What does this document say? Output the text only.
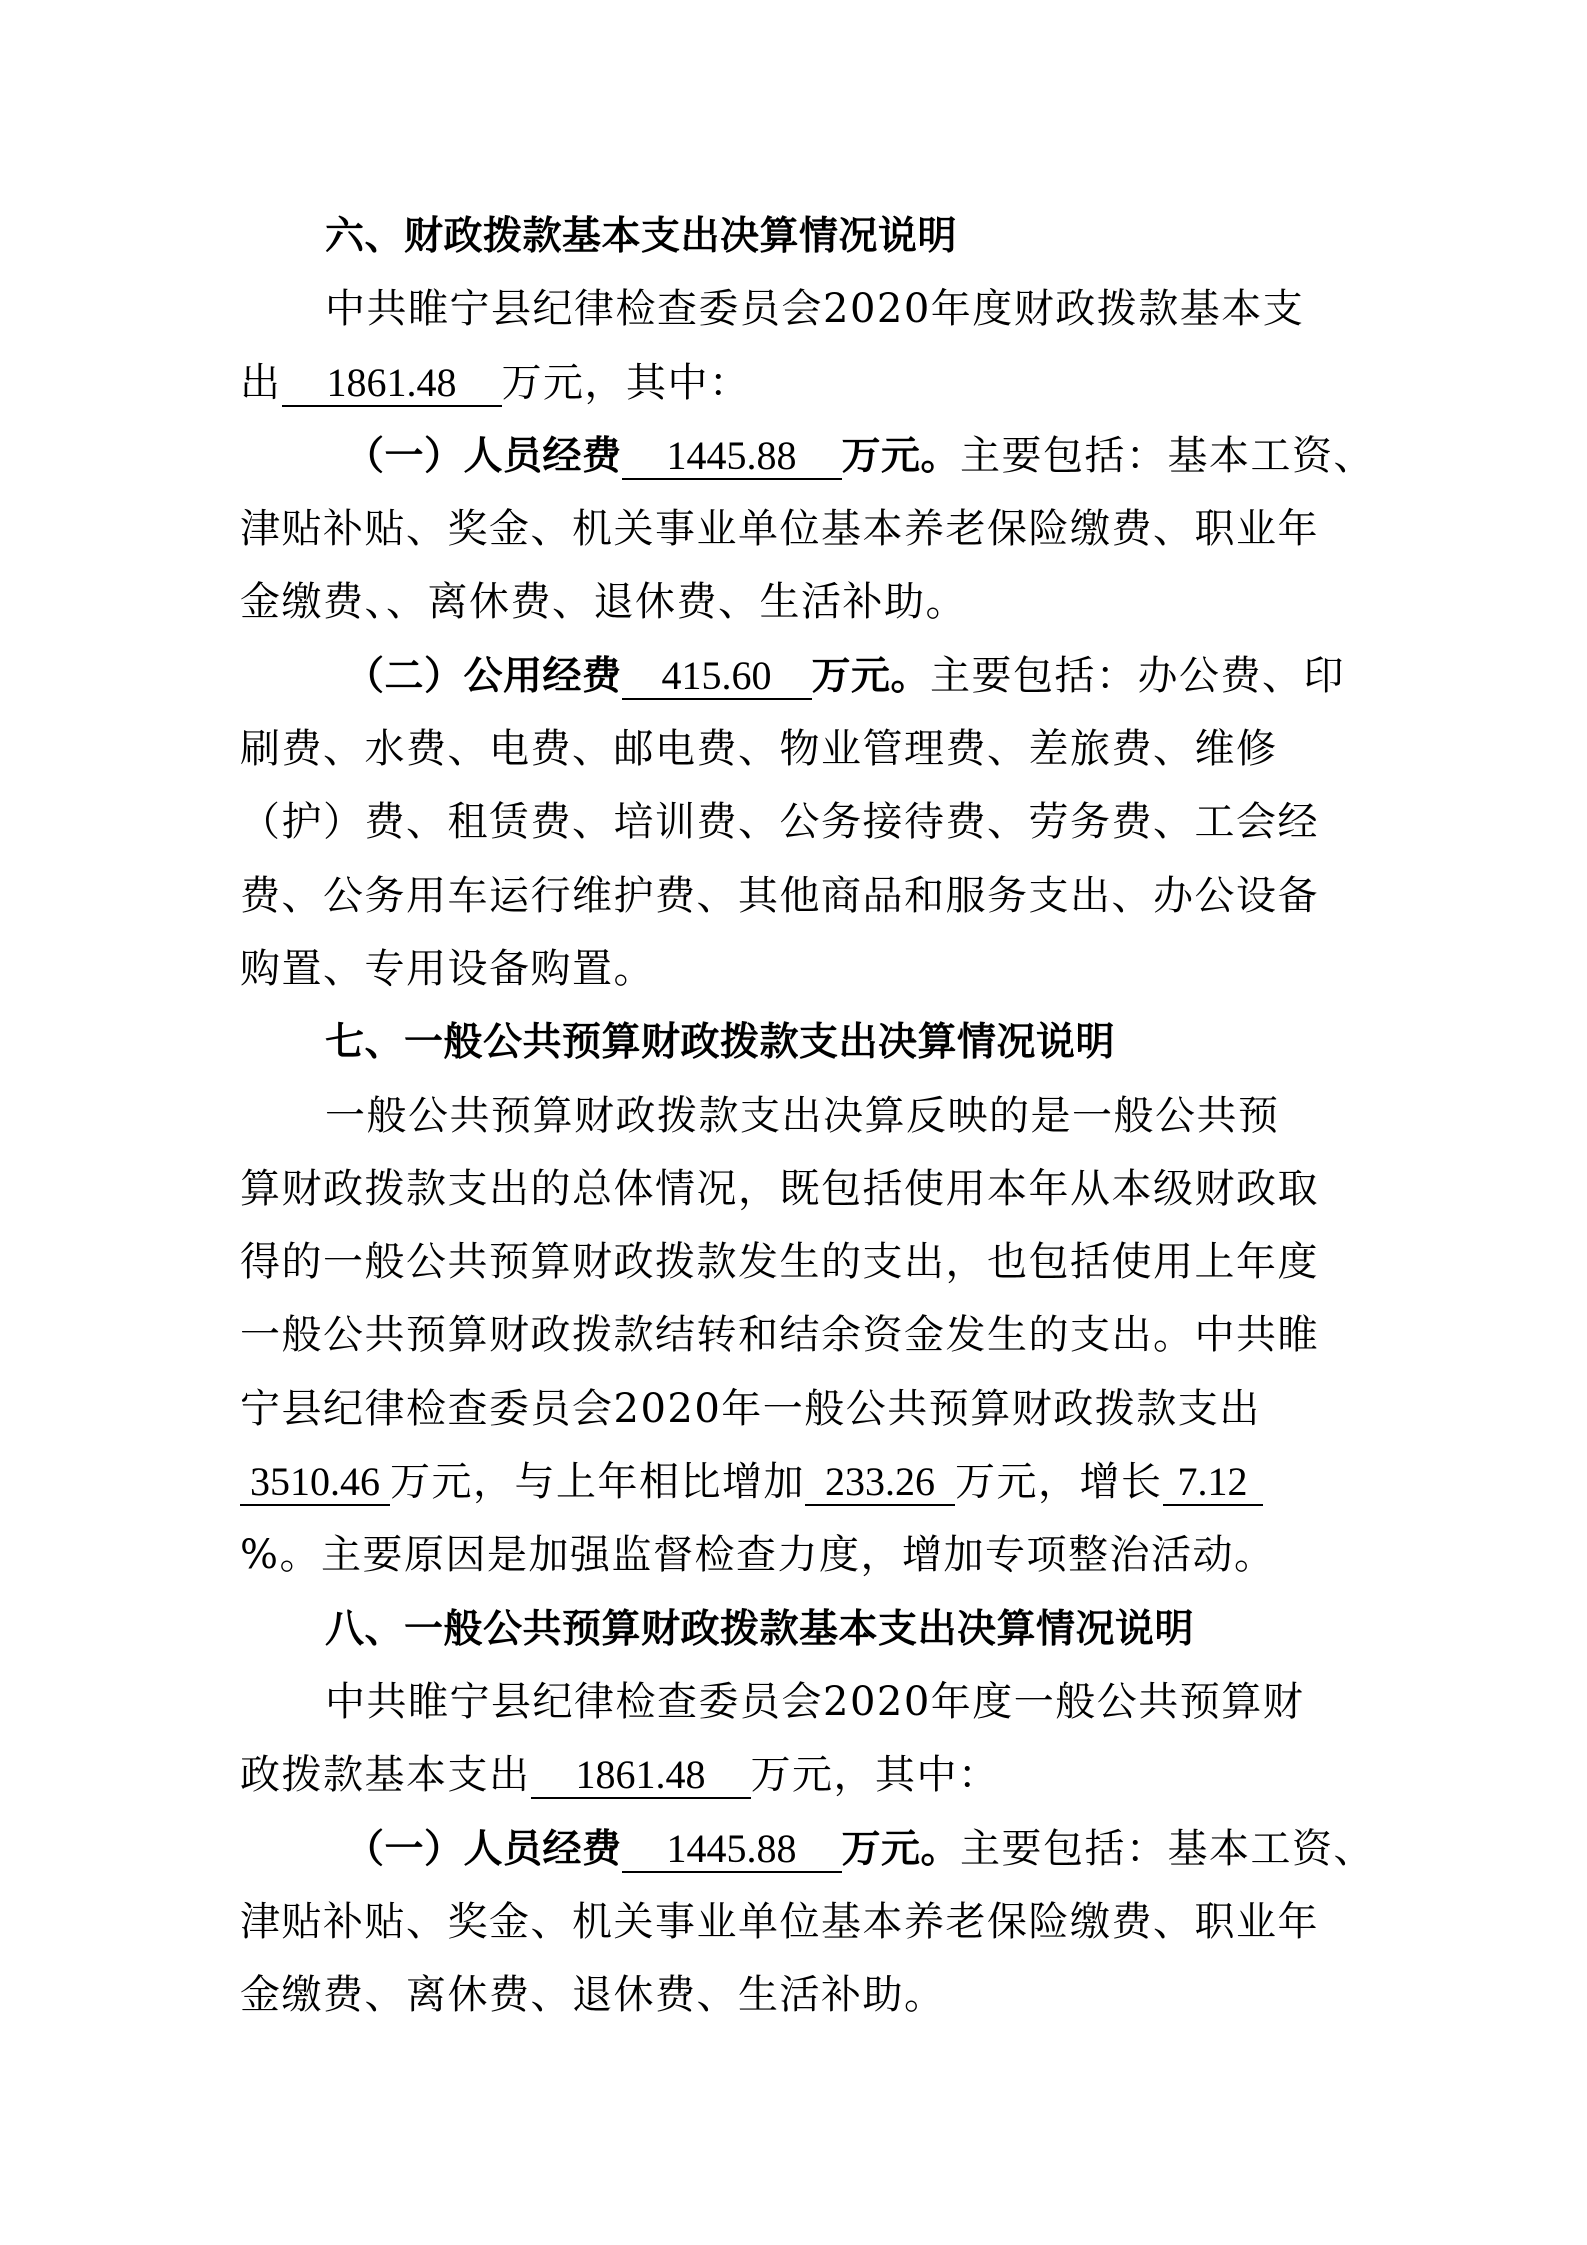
六、财政拨款基本支出决算情况说明
中共睢宁县纪律检查委员会2020年度财政拨款基本支
出 1861.48 万元，其中：
（一）人员经费 1445.88 万元。主要包括：基本工资、
津贴补贴、奖金、机关事业单位基本养老保险缴费、职业年
金缴费、、离休费、退休费、生活补助。
（二）公用经费 415.60 万元。主要包括：办公费、印
刷费、水费、电费、邮电费、物业管理费、差旅费、维修
（护）费、租赁费、培训费、公务接待费、劳务费、工会经
费、公务用车运行维护费、其他商品和服务支出、办公设备
购置、专用设备购置。
七、一般公共预算财政拨款支出决算情况说明
一般公共预算财政拨款支出决算反映的是一般公共预
算财政拨款支出的总体情况，既包括使用本年从本级财政取
得的一般公共预算财政拨款发生的支出，也包括使用上年度
一般公共预算财政拨款结转和结余资金发生的支出。中共睢
宁县纪律检查委员会2020年一般公共预算财政拨款支出
3510.46 万元，与上年相比增加 233.26 万元，增长 7.12
%。主要原因是加强监督检查力度，增加专项整治活动。
八、一般公共预算财政拨款基本支出决算情况说明
中共睢宁县纪律检查委员会2020年度一般公共预算财
政拨款基本支出 1861.48 万元，其中：
（一）人员经费 1445.88 万元。主要包括：基本工资、
津贴补贴、奖金、机关事业单位基本养老保险缴费、职业年
金缴费、离休费、退休费、生活补助。
